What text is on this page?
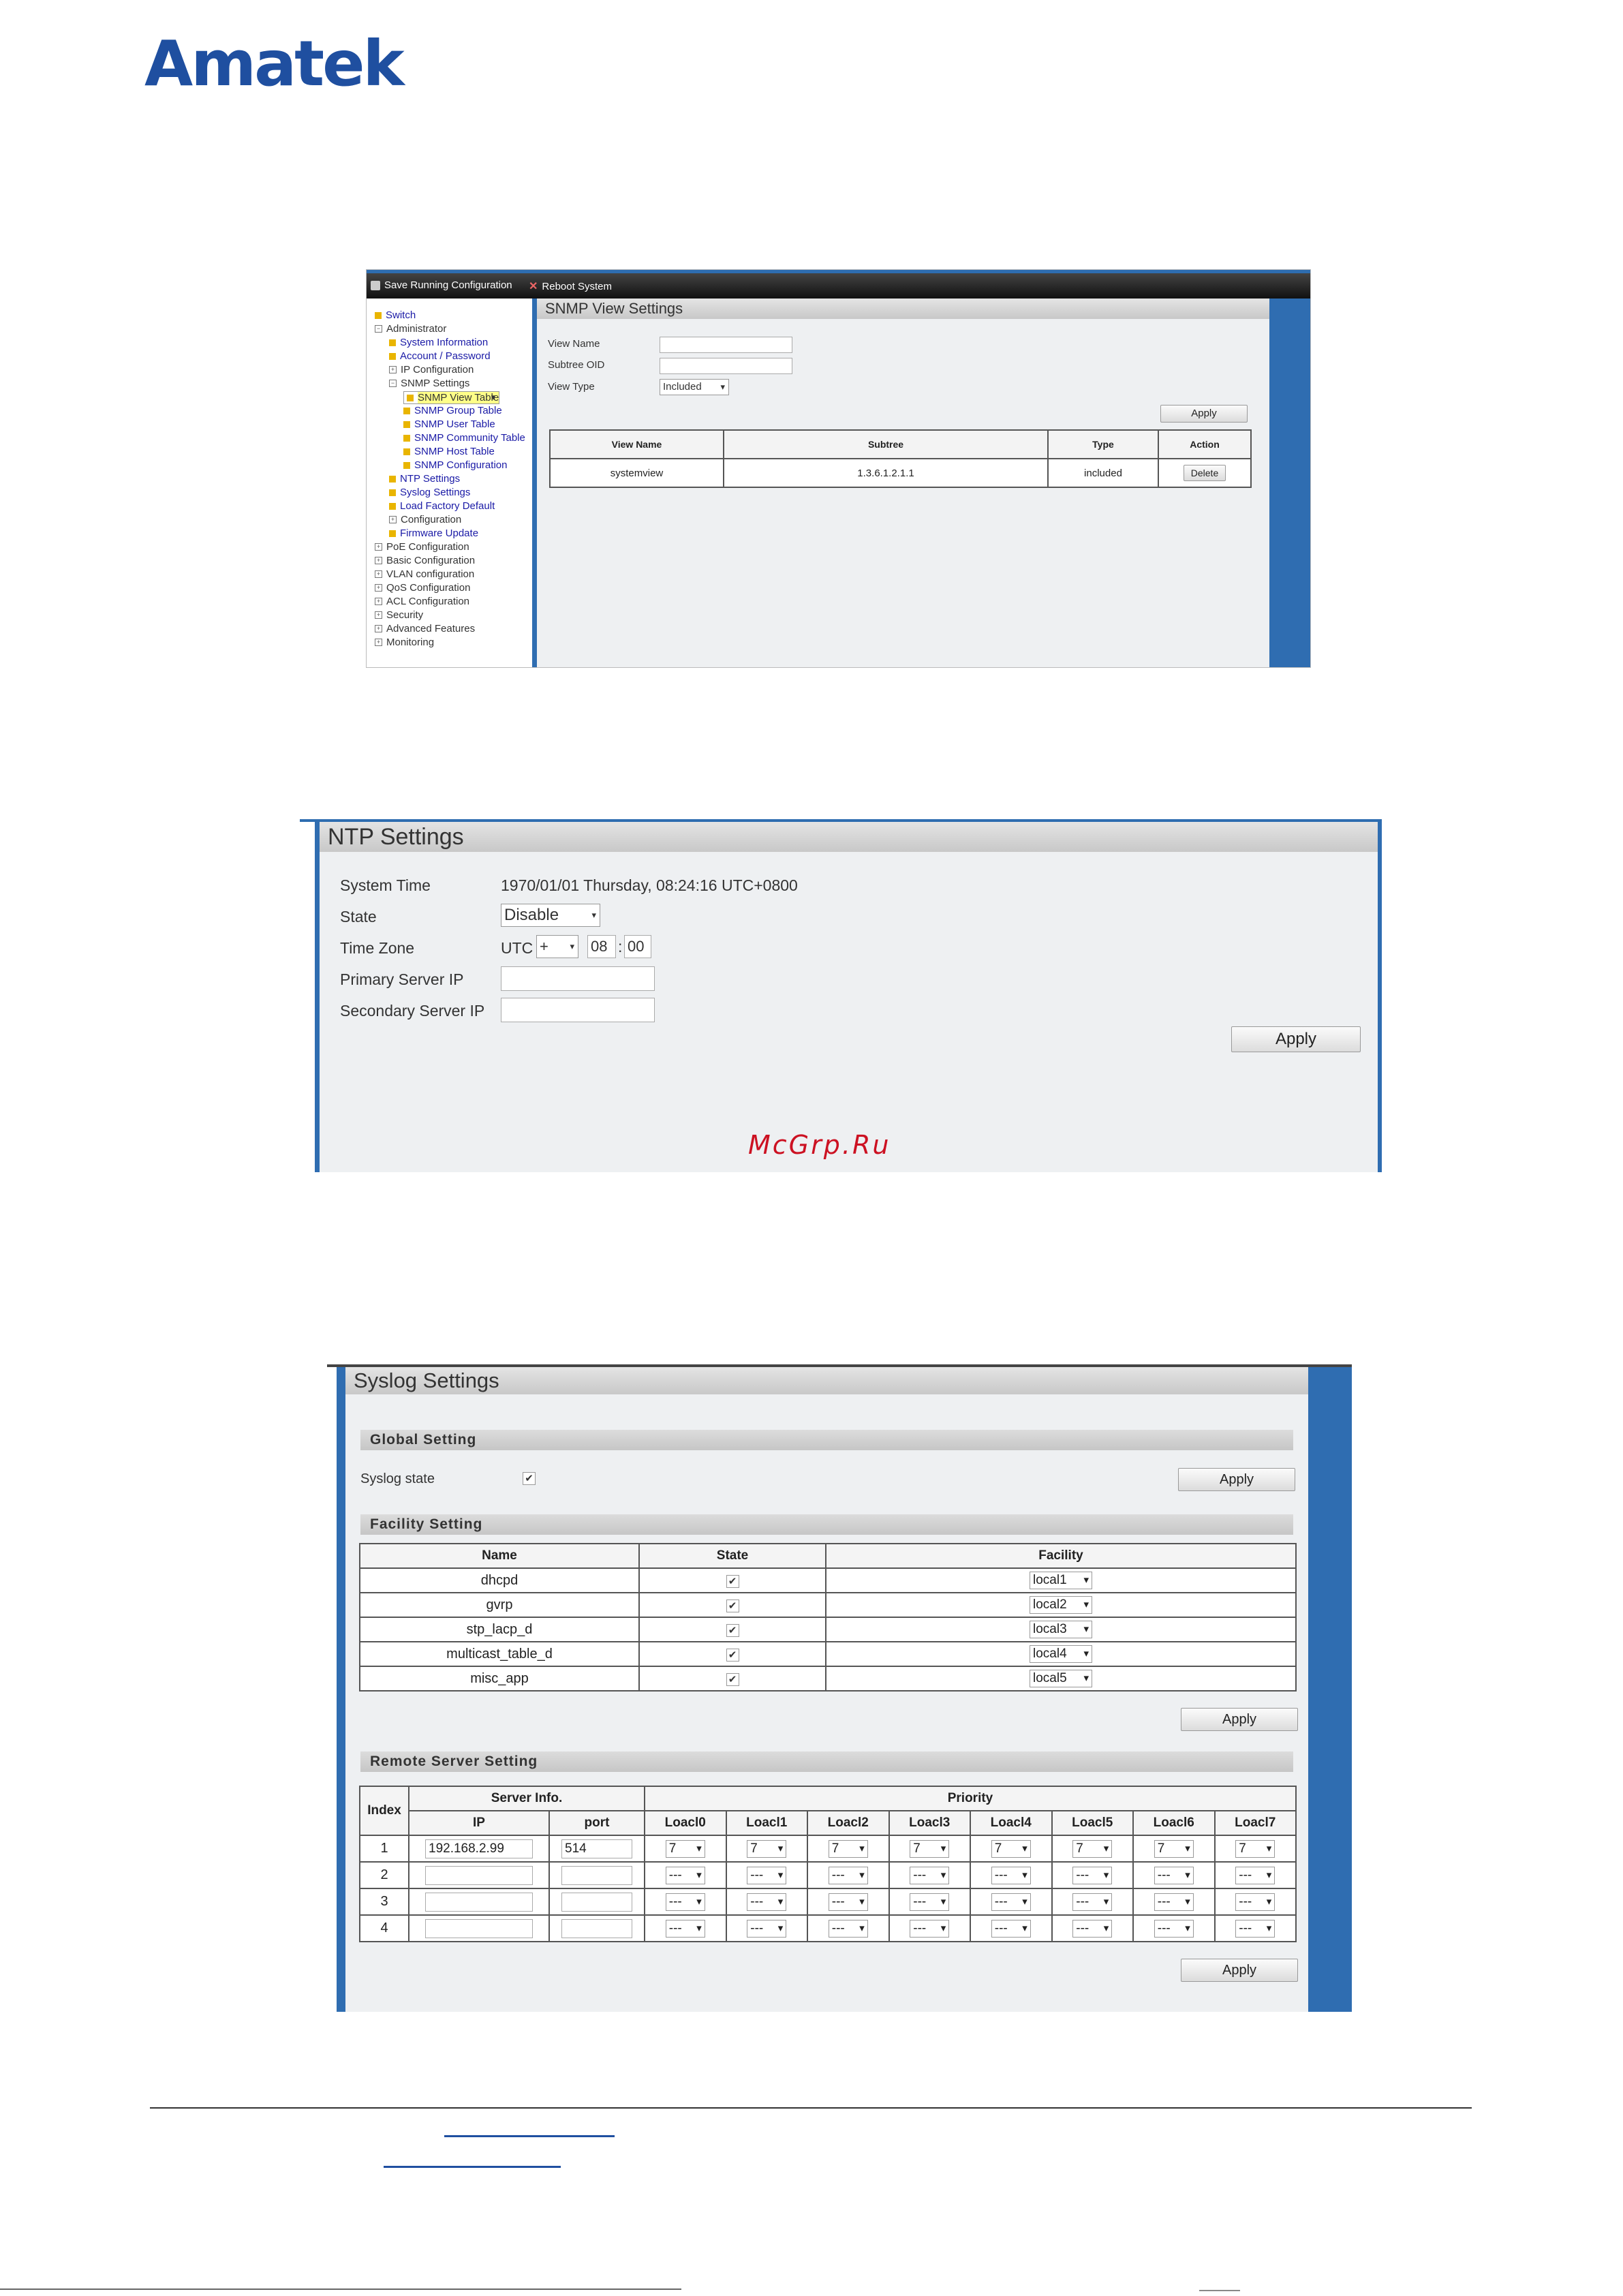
Amatek
Save Running Configuration ✕ Reboot System
Switch
− Administrator
System Information
Account / Password
+ IP Configuration
− SNMP Settings
SNMP View Table
▾
SNMP Group Table
SNMP User Table
SNMP Community Table
SNMP Host Table
SNMP Configuration
NTP Settings
Syslog Settings
Load Factory Default
+ Configuration
Firmware Update
+ PoE Configuration
+ Basic Configuration
+ VLAN configuration
+ QoS Configuration
+ ACL Configuration
+ Security
+ Advanced Features
+ Monitoring
SNMP View Settings
View Name
Subtree OID
View Type	Included ▾
Apply
View Name	Subtree	Type	Action
systemview	1.3.6.1.2.1.1	included	Delete
NTP Settings
System Time	1970/01/01 Thursday, 08:24:16 UTC+0800
State	Disable ▾
Time Zone	UTC + ▾	08 : 00
Primary Server IP
Secondary Server IP
Apply
McGrp.Ru
Syslog Settings
Global Setting
Syslog state	✔	Apply
Facility Setting
Name	State	Facility
dhcpd	✔	local1 ▾
gvrp	✔	local2 ▾
stp_lacp_d	✔	local3 ▾
multicast_table_d	✔	local4 ▾
misc_app	✔	local5 ▾
Apply
Remote Server Setting
Index	Server Info.		Priority							
	IP	port	Loacl0	Loacl1	Loacl2	Loacl3	Loacl4	Loacl5	Loacl6	Loacl7
1	192.168.2.99	514	7 ▾	7 ▾	7 ▾	7 ▾	7 ▾	7 ▾	7 ▾	7 ▾
2			--- ▾	--- ▾	--- ▾	--- ▾	--- ▾	--- ▾	--- ▾	--- ▾
3			--- ▾	--- ▾	--- ▾	--- ▾	--- ▾	--- ▾	--- ▾	--- ▾
4			--- ▾	--- ▾	--- ▾	--- ▾	--- ▾	--- ▾	--- ▾	--- ▾
Apply
